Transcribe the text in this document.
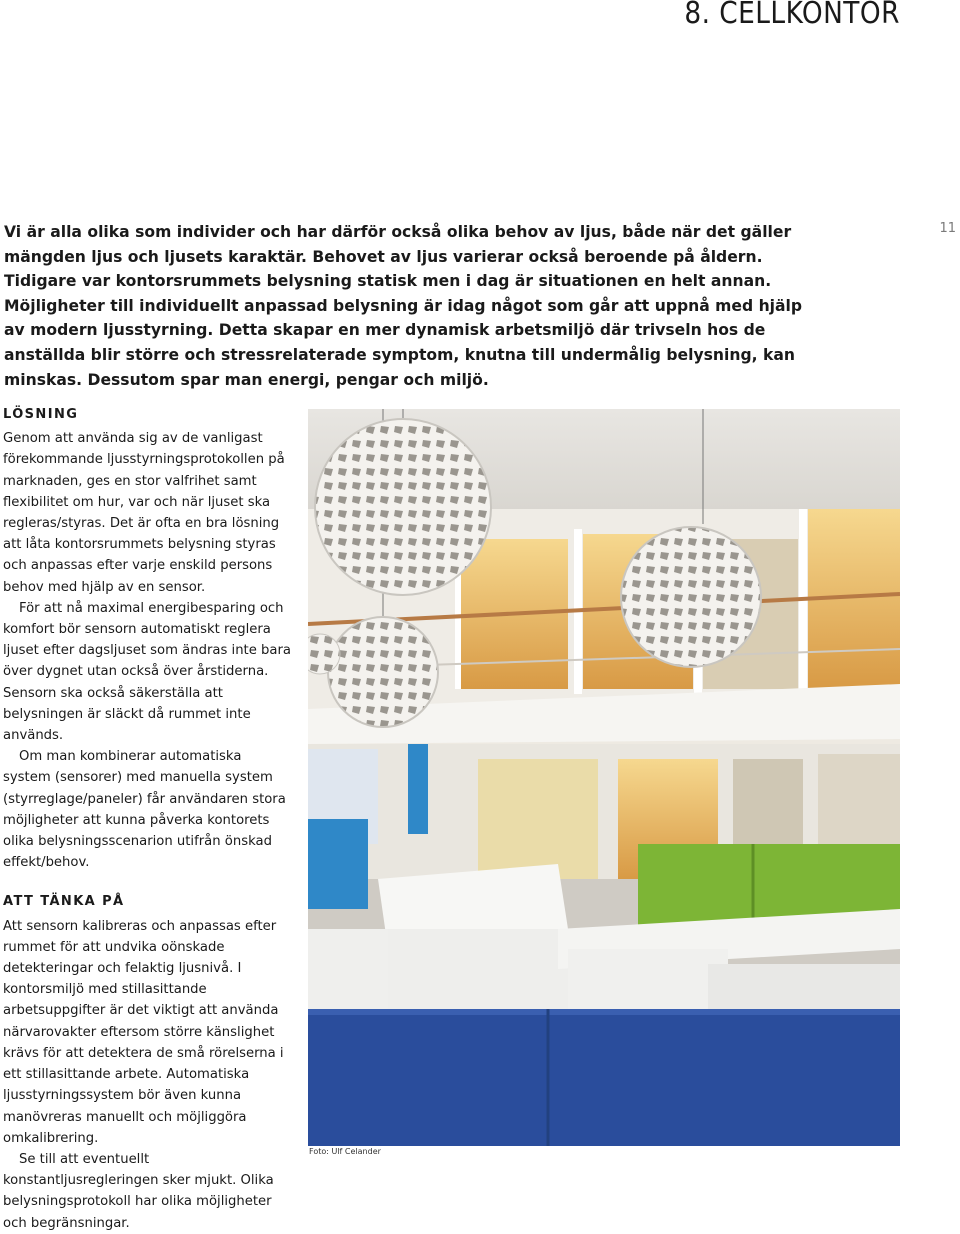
8. CELLKONTOR
11

Vi är alla olika som individer och har därför också olika behov av ljus, både när det gäller mängden ljus och ljusets karaktär. Behovet av ljus varierar också beroende på åldern. Tidigare var kontorsrummets belysning statisk men i dag är situationen en helt annan. Möjligheter till individuellt anpassad belysning är idag något som går att uppnå med hjälp av modern ljusstyrning. Detta skapar en mer dynamisk arbetsmiljö där trivseln hos de anställda blir större och stressrelaterade symptom, knutna till undermålig belysning, kan minskas. Dessutom spar man energi, pengar och miljö.

LÖSNING

Genom att använda sig av de vanligast förekommande ljusstyrningsprotokollen på marknaden, ges en stor valfrihet samt flexibilitet om hur, var och när ljuset ska regleras/styras. Det är ofta en bra lösning att låta kontorsrummets belysning styras och anpassas efter varje enskild persons behov med hjälp av en sensor.

För att nå maximal energibesparing och komfort bör sensorn automatiskt reglera ljuset efter dagsljuset som ändras inte bara över dygnet utan också över årstiderna. Sensorn ska också säkerställa att belysningen är släckt då rummet inte används.

Om man kombinerar automatiska system (sensorer) med manuella system (styrreglage/paneler) får användaren stora möjligheter att kunna påverka kontorets olika belysningsscenarion utifrån önskad effekt/behov.

ATT TÄNKA PÅ

Att sensorn kalibreras och anpassas efter rummet för att undvika oönskade detekteringar och felaktig ljusnivå. I kontorsmiljö med stillasittande arbetsuppgifter är det viktigt att använda närvarovakter eftersom större känslighet krävs för att detektera de små rörelserna i ett stillasittande arbete. Automatiska ljusstyrningssystem bör även kunna manövreras manuellt och möjliggöra omkalibrering.

Se till att eventuellt konstantljusregleringen sker mjukt. Olika belysningsprotokoll har olika möjligheter och begränsningar.

Foto: Ulf Celander
